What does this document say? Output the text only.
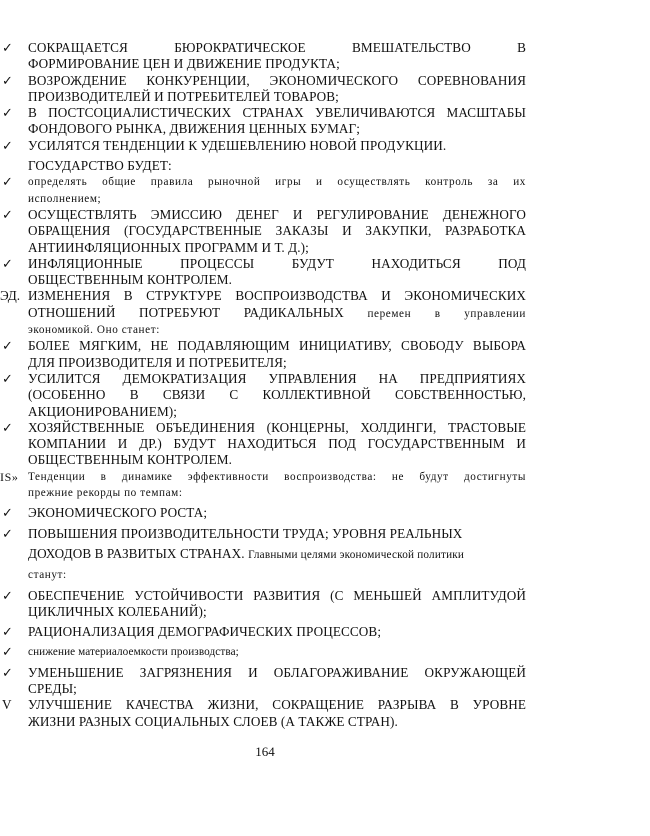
✓	СОКРАЩАЕТСЯ БЮРОКРАТИЧЕСКОЕ ВМЕШАТЕЛЬСТВО В
ФОРМИРОВАНИЕ ЦЕН И ДВИЖЕНИЕ ПРОДУКТА;
✓	ВОЗРОЖДЕНИЕ КОНКУРЕНЦИИ, ЭКОНОМИЧЕСКОГО СОРЕВНОВАНИЯ
ПРОИЗВОДИТЕЛЕЙ И ПОТРЕБИТЕЛЕЙ ТОВАРОВ;
✓	В ПОСТСОЦИАЛИСТИЧЕСКИХ СТРАНАХ УВЕЛИЧИВАЮТСЯ МАСШТАБЫ
ФОНДОВОГО РЫНКА, ДВИЖЕНИЯ ЦЕННЫХ БУМАГ;
✓	УСИЛЯТСЯ ТЕНДЕНЦИИ К УДЕШЕВЛЕНИЮ НОВОЙ ПРОДУКЦИИ.
ГОСУДАРСТВО БУДЕТ:
✓	определять общие правила рыночной игры и осуществлять контроль за их
исполнением;
✓	ОСУЩЕСТВЛЯТЬ ЭМИССИЮ ДЕНЕГ И РЕГУЛИРОВАНИЕ ДЕНЕЖНОГО
ОБРАЩЕНИЯ (ГОСУДАРСТВЕННЫЕ ЗАКАЗЫ И ЗАКУПКИ, РАЗРАБОТКА
АНТИИНФЛЯЦИОННЫХ ПРОГРАММ И Т. Д.);
✓	ИНФЛЯЦИОННЫЕ ПРОЦЕССЫ БУДУТ НАХОДИТЬСЯ ПОД
ОБЩЕСТВЕННЫМ КОНТРОЛЕМ.
ЭД. ИЗМЕНЕНИЯ В СТРУКТУРЕ ВОСПРОИЗВОДСТВА И ЭКОНОМИЧЕСКИХ
ОТНОШЕНИЙ ПОТРЕБУЮТ РАДИКАЛЬНЫХ перемен в управлении
экономикой. Оно станет:
✓	БОЛЕЕ МЯГКИМ, НЕ ПОДАВЛЯЮЩИМ ИНИЦИАТИВУ, СВОБОДУ ВЫБОРА
ДЛЯ ПРОИЗВОДИТЕЛЯ И ПОТРЕБИТЕЛЯ;
✓	УСИЛИТСЯ ДЕМОКРАТИЗАЦИЯ УПРАВЛЕНИЯ НА ПРЕДПРИЯТИЯХ
(ОСОБЕННО В СВЯЗИ С КОЛЛЕКТИВНОЙ СОБСТВЕННОСТЬЮ,
АКЦИОНИРОВАНИЕМ);
✓	ХОЗЯЙСТВЕННЫЕ ОБЪЕДИНЕНИЯ (КОНЦЕРНЫ, ХОЛДИНГИ, ТРАСТОВЫЕ
КОМПАНИИ И ДР.) БУДУТ НАХОДИТЬСЯ ПОД ГОСУДАРСТВЕННЫМ И
ОБЩЕСТВЕННЫМ КОНТРОЛЕМ.
IS» Тенденции в динамике эффективности воспроизводства: не будут достигнуты
прежние рекорды по темпам:
✓	ЭКОНОМИЧЕСКОГО РОСТА;
✓	ПОВЫШЕНИЯ ПРОИЗВОДИТЕЛЬНОСТИ ТРУДА; УРОВНЯ РЕАЛЬНЫХ
ДОХОДОВ В РАЗВИТЫХ СТРАНАХ. Главными целями экономической политики
станут:
✓	ОБЕСПЕЧЕНИЕ УСТОЙЧИВОСТИ РАЗВИТИЯ (С МЕНЬШЕЙ АМПЛИТУДОЙ
ЦИКЛИЧНЫХ КОЛЕБАНИЙ);
✓	РАЦИОНАЛИЗАЦИЯ ДЕМОГРАФИЧЕСКИХ ПРОЦЕССОВ;
✓	снижение материалоемкости производства;
✓	УМЕНЬШЕНИЕ ЗАГРЯЗНЕНИЯ И ОБЛАГОРАЖИВАНИЕ ОКРУЖАЮЩЕЙ
СРЕДЫ;
V	УЛУЧШЕНИЕ КАЧЕСТВА ЖИЗНИ, СОКРАЩЕНИЕ РАЗРЫВА В УРОВНЕ
ЖИЗНИ РАЗНЫХ СОЦИАЛЬНЫХ СЛОЕВ (А ТАКЖЕ СТРАН).
164
